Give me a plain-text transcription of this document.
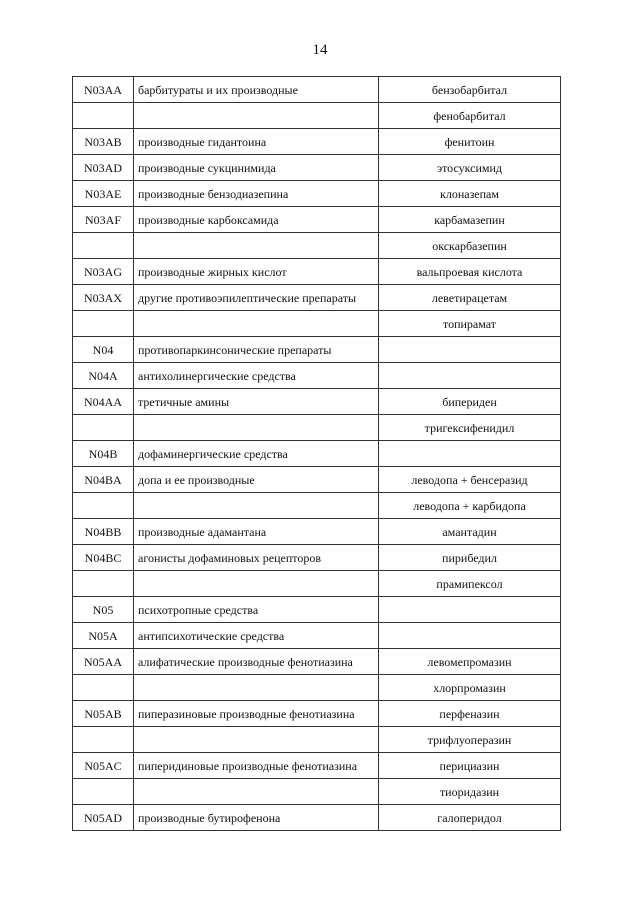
14
N03AA	барбитураты и их производные	бензобарбитал
		фенобарбитал
N03AB	производные гидантоина	фенитоин
N03AD	производные сукцинимида	этосуксимид
N03AE	производные бензодиазепина	клоназепам
N03AF	производные карбоксамида	карбамазепин
		окскарбазепин
N03AG	производные жирных кислот	вальпроевая кислота
N03AX	другие противоэпилептические препараты	леветирацетам
		топирамат
N04	противопаркинсонические препараты	
N04A	антихолинергические средства	
N04AA	третичные амины	бипериден
		тригексифенидил
N04B	дофаминергические средства	
N04BA	допа и ее производные	леводопа + бенсеразид
		леводопа + карбидопа
N04BB	производные адамантана	амантадин
N04BC	агонисты дофаминовых рецепторов	пирибедил
		прамипексол
N05	психотропные средства	
N05A	антипсихотические средства	
N05AA	алифатические производные фенотиазина	левомепромазин
		хлорпромазин
N05AB	пиперазиновые производные фенотиазина	перфеназин
		трифлуоперазин
N05AC	пиперидиновые производные фенотиазина	перициазин
		тиоридазин
N05AD	производные бутирофенона	галоперидол
